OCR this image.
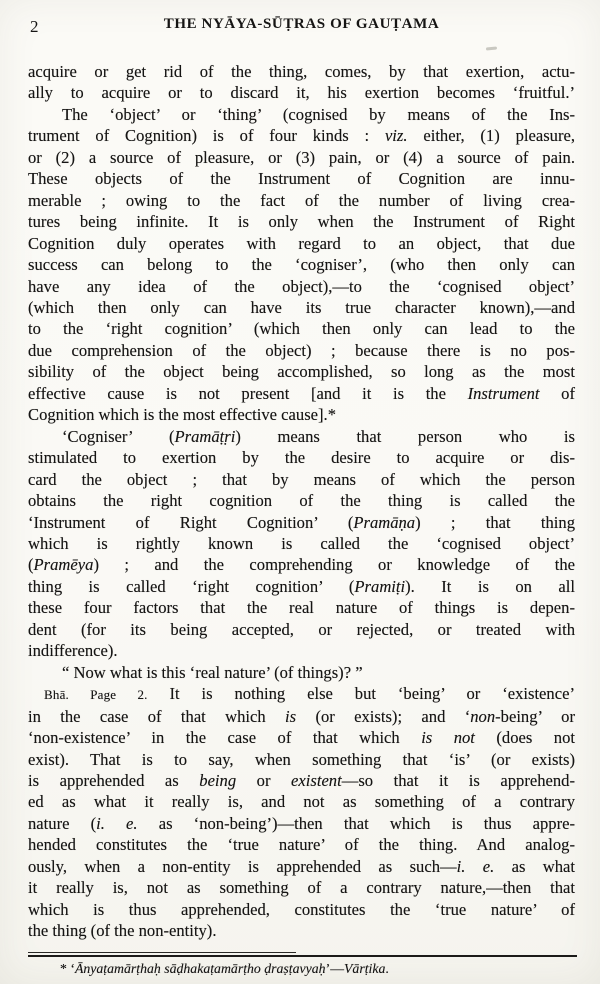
2	THE NYĀYA-SŪṬRAS OF GAUṬAMA
acquire or get rid of the thing, comes, by that exertion, actu-
ally to acquire or to discard it, his exertion becomes ‘fruitful.’
The ‘object’ or ‘thing’ (cognised by means of the Ins-
trument of Cognition) is of four kinds : viz. either, (1) pleasure,
or (2) a source of pleasure, or (3) pain, or (4) a source of pain.
These objects of the Instrument of Cognition are innu-
merable ; owing to the fact of the number of living crea-
tures being infinite. It is only when the Instrument of Right
Cognition duly operates with regard to an object, that due
success can belong to the ‘cogniser’, (who then only can
have any idea of the object),—to the ‘cognised object’
(which then only can have its true character known),—and
to the ‘right cognition’ (which then only can lead to the
due comprehension of the object) ; because there is no pos-
sibility of the object being accomplished, so long as the most
effective cause is not present [and it is the Instrument of
Cognition which is the most effective cause].*
‘Cogniser’ (Pramāṭṛi) means that person who is
stimulated to exertion by the desire to acquire or dis-
card the object ; that by means of which the person
obtains the right cognition of the thing is called the
‘Instrument of Right Cognition’ (Pramāṇa) ; that thing
which is rightly known is called the ‘cognised object’
(Pramēya) ; and the comprehending or knowledge of the
thing is called ‘right cognition’ (Pramiṭi). It is on all
these four factors that the real nature of things is depen-
dent (for its being accepted, or rejected, or treated with
indifference).
“ Now what is this ‘real nature’ (of things)? ”
Bhā. Page 2. It is nothing else but ‘being’ or ‘existence’
in the case of that which is (or exists); and ‘non-being’ or
‘non-existence’ in the case of that which is not (does not
exist). That is to say, when something that ‘is’ (or exists)
is apprehended as being or existent—so that it is apprehend-
ed as what it really is, and not as something of a contrary
nature (i. e. as ‘non-being’)—then that which is thus appre-
hended constitutes the ‘true nature’ of the thing. And analog-
ously, when a non-entity is apprehended as such—i. e. as what
it really is, not as something of a contrary nature,—then that
which is thus apprehended, constitutes the ‘true nature’ of
the thing (of the non-entity).
* ‘Ānyaṭamārṭhaḥ sāḍhakaṭamārṭho ḍraṣṭavyaḥ’—Vārṭika.
